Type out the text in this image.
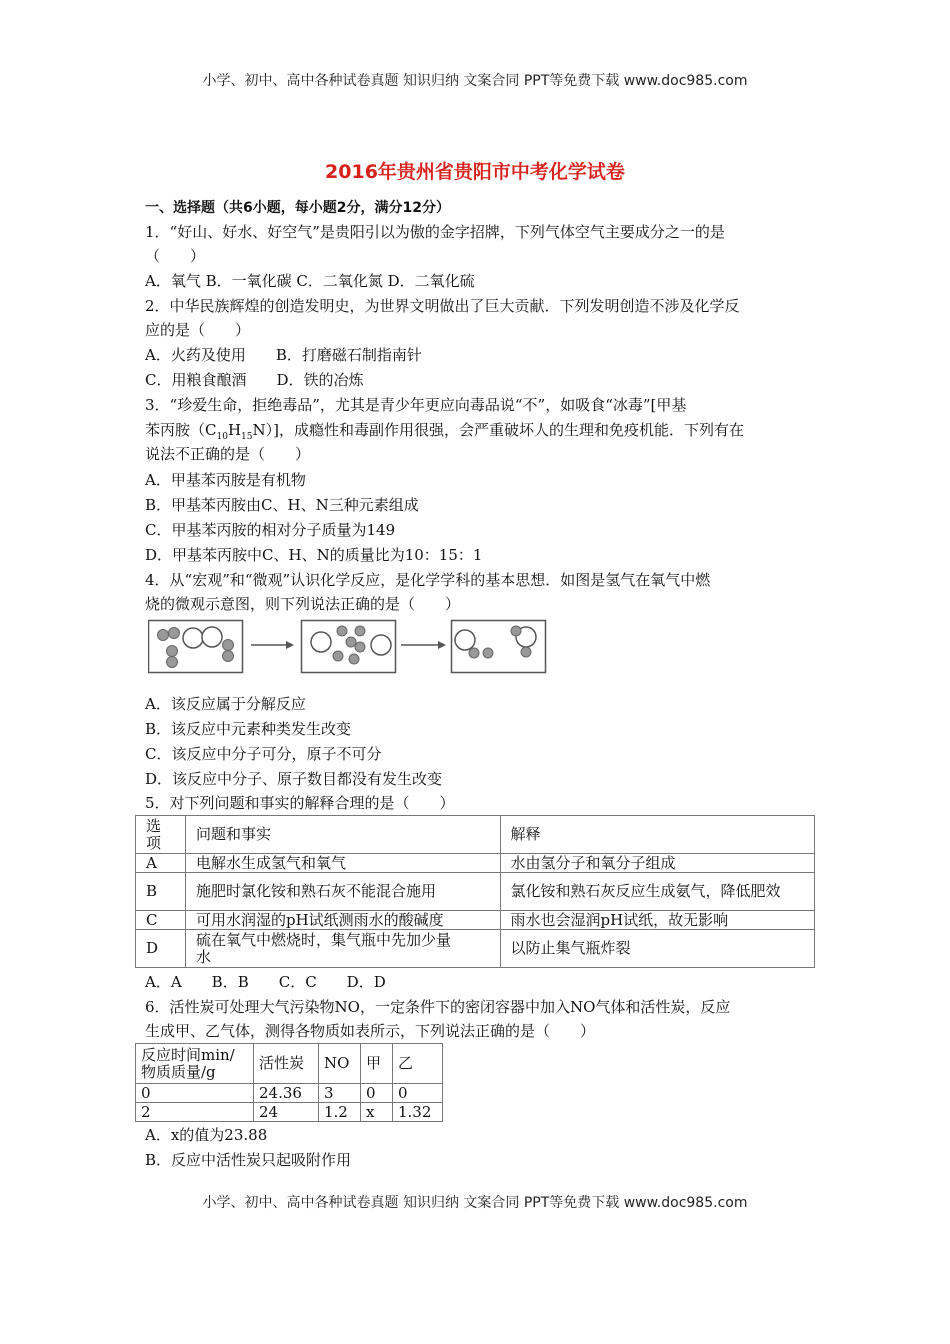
小学、初中、高中各种试卷真题 知识归纳 文案合同 PPT等免费下载 www.doc985.com
2016年贵州省贵阳市中考化学试卷
一、选择题（共6小题，每小题2分，满分12分）
1．“好山、好水、好空气”是贵阳引以为傲的金字招牌，下列气体空气主要成分之一的是
（　　）
A．氧气 B．一氧化碳 C．二氧化氮 D．二氧化硫
2．中华民族辉煌的创造发明史，为世界文明做出了巨大贡献．下列发明创造不涉及化学反
应的是（　　）
A．火药及使用　　B．打磨磁石制指南针
C．用粮食酿酒　　D．铁的冶炼
3．“珍爱生命，拒绝毒品”，尤其是青少年更应向毒品说“不”，如吸食“冰毒”[甲基
苯丙胺$(C_{10}H_{15}N)$]，成瘾性和毒副作用很强，会严重破坏人的生理和免疫机能．下列有在
说法不正确的是（　　）
A．甲基苯丙胺是有机物
B．甲基苯丙胺由C、H、N三种元素组成
C．甲基苯丙胺的相对分子质量为149
D．甲基苯丙胺中C、H、N的质量比为10：15：1
4．从“宏观”和“微观”认识化学反应，是化学学科的基本思想．如图是氢气在氧气中燃
烧的微观示意图，则下列说法正确的是（　　）
A．该反应属于分解反应
B．该反应中元素种类发生改变
C．该反应中分子可分，原子不可分
D．该反应中分子、原子数目都没有发生改变
5．对下列问题和事实的解释合理的是（　　）
选项	问题和事实	解释
A	电解水生成氢气和氧气	水由氢分子和氧分子组成
B	施肥时氯化铵和熟石灰不能混合施用	氯化铵和熟石灰反应生成氨气，降低肥效
C	可用水润湿的pH试纸测雨水的酸碱度	雨水也会湿润pH试纸，故无影响
D	硫在氧气中燃烧时，集气瓶中先加少量水	以防止集气瓶炸裂
A．A　　B．B　　C．C　　D．D
6．活性炭可处理大气污染物NO，一定条件下的密闭容器中加入NO气体和活性炭，反应
生成甲、乙气体，测得各物质如表所示，下列说法正确的是（　　）
反应时间min/物质质量/g	活性炭	NO	甲	乙
0	24.36	3	0	0
2	24	1.2	x	1.32
A．x的值为23.88
B．反应中活性炭只起吸附作用
小学、初中、高中各种试卷真题 知识归纳 文案合同 PPT等免费下载 www.doc985.com
